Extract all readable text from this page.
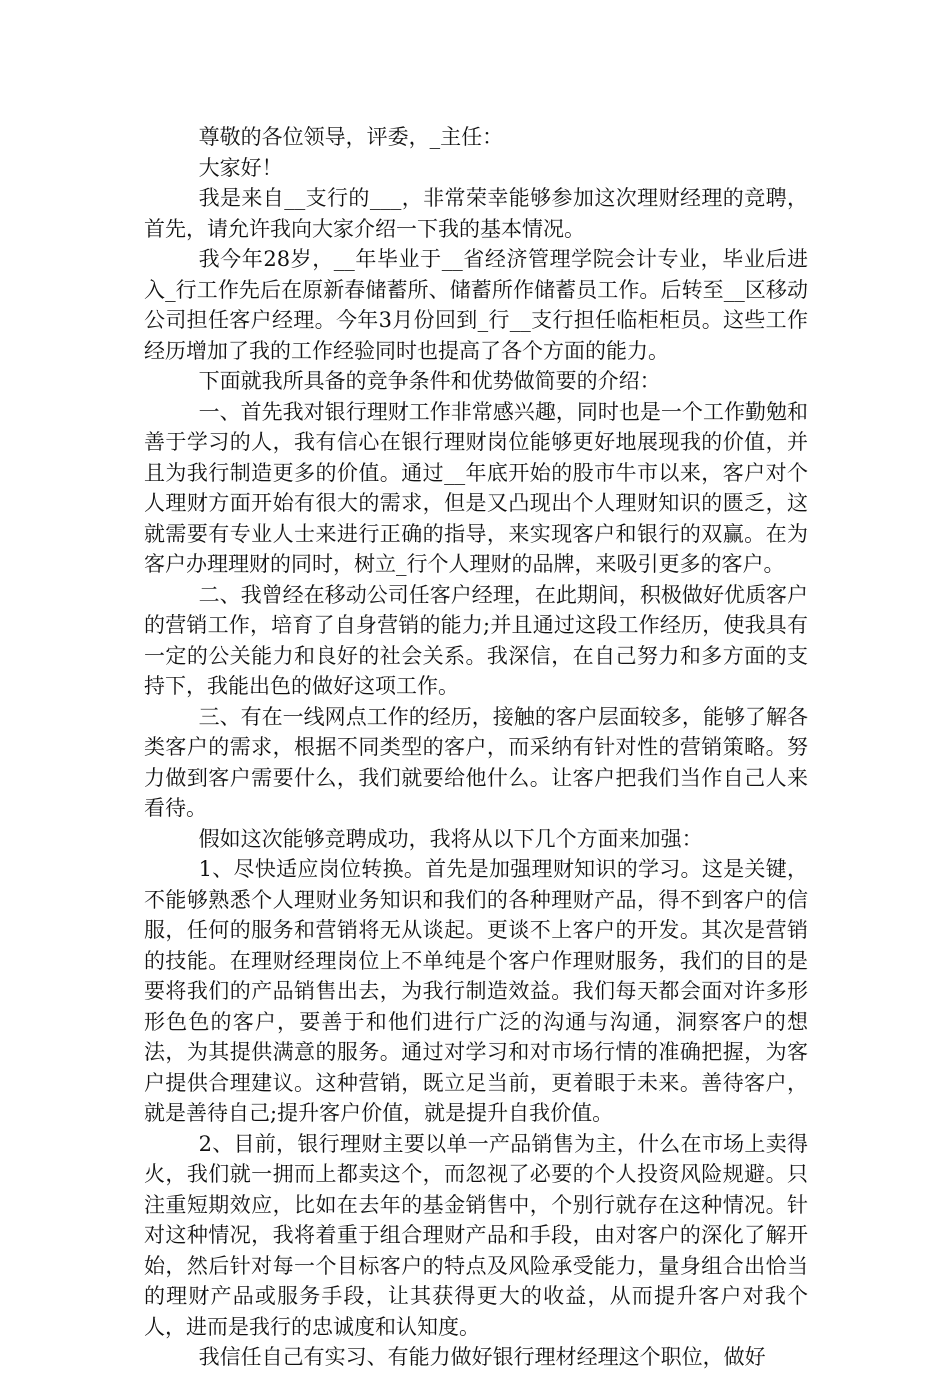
尊敬的各位领导，评委，_主任：

大家好！

我是来自__支行的___，非常荣幸能够参加这次理财经理的竞聘，首先，请允许我向大家介绍一下我的基本情况。

我今年28岁，__年毕业于__省经济管理学院会计专业，毕业后进入_行工作先后在原新春储蓄所、储蓄所作储蓄员工作。后转至__区移动公司担任客户经理。今年3月份回到_行__支行担任临柜柜员。这些工作经历增加了我的工作经验同时也提高了各个方面的能力。

下面就我所具备的竞争条件和优势做简要的介绍：

一、首先我对银行理财工作非常感兴趣，同时也是一个工作勤勉和善于学习的人，我有信心在银行理财岗位能够更好地展现我的价值，并且为我行制造更多的价值。通过__年底开始的股市牛市以来，客户对个人理财方面开始有很大的需求，但是又凸现出个人理财知识的匮乏，这就需要有专业人士来进行正确的指导，来实现客户和银行的双赢。在为客户办理理财的同时，树立_行个人理财的品牌，来吸引更多的客户。

二、我曾经在移动公司任客户经理，在此期间，积极做好优质客户的营销工作，培育了自身营销的能力;并且通过这段工作经历，使我具有一定的公关能力和良好的社会关系。我深信，在自己努力和多方面的支持下，我能出色的做好这项工作。

三、有在一线网点工作的经历，接触的客户层面较多，能够了解各类客户的需求，根据不同类型的客户，而采纳有针对性的营销策略。努力做到客户需要什么，我们就要给他什么。让客户把我们当作自己人来看待。

假如这次能够竞聘成功，我将从以下几个方面来加强：

1、尽快适应岗位转换。首先是加强理财知识的学习。这是关键，不能够熟悉个人理财业务知识和我们的各种理财产品，得不到客户的信服，任何的服务和营销将无从谈起。更谈不上客户的开发。其次是营销的技能。在理财经理岗位上不单纯是个客户作理财服务，我们的目的是要将我们的产品销售出去，为我行制造效益。我们每天都会面对许多形形色色的客户，要善于和他们进行广泛的沟通与沟通，洞察客户的想法，为其提供满意的服务。通过对学习和对市场行情的准确把握，为客户提供合理建议。这种营销，既立足当前，更着眼于未来。善待客户，就是善待自己;提升客户价值，就是提升自我价值。

2、目前，银行理财主要以单一产品销售为主，什么在市场上卖得火，我们就一拥而上都卖这个，而忽视了必要的个人投资风险规避。只注重短期效应，比如在去年的基金销售中，个别行就存在这种情况。针对这种情况，我将着重于组合理财产品和手段，由对客户的深化了解开始，然后针对每一个目标客户的特点及风险承受能力，量身组合出恰当的理财产品或服务手段，让其获得更大的收益，从而提升客户对我个人，进而是我行的忠诚度和认知度。

我信任自己有实习、有能力做好银行理材经理这个职位，做好
